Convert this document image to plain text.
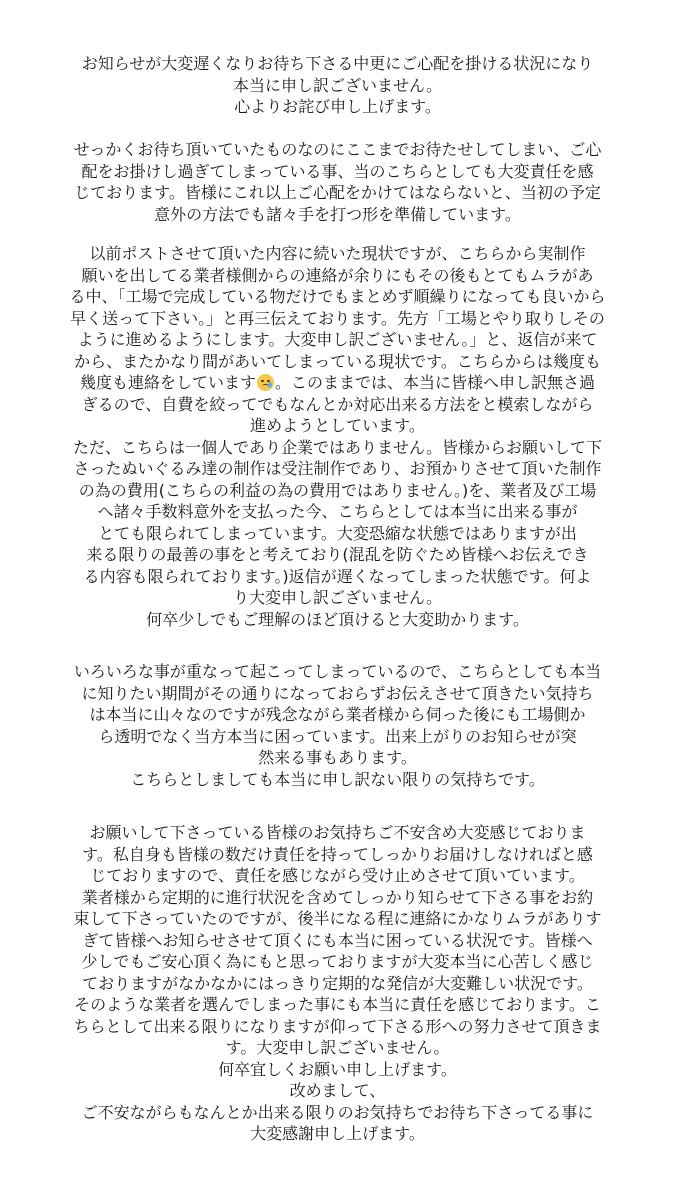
お知らせが大変遅くなりお待ち下さる中更にご心配を掛ける状況になり
本当に申し訳ございません。
心よりお詫び申し上げます。
せっかくお待ち頂いていたものなのにここまでお待たせしてしまい、ご心
配をお掛けし過ぎてしまっている事、当のこちらとしても大変責任を感
じております。皆様にこれ以上ご心配をかけてはならないと、当初の予定
意外の方法でも諸々手を打つ形を準備しています。
以前ポストさせて頂いた内容に続いた現状ですが、こちらから実制作
願いを出してる業者様側からの連絡が余りにもその後もとてもムラがあ
る中、「工場で完成している物だけでもまとめず順繰りになっても良いから
早く送って下さい。」と再三伝えております。先方「工場とやり取りしその
ように進めるようにします。大変申し訳ございません。」と、返信が来て
から、またかなり間があいてしまっている現状です。こちらからは幾度も
幾度も連絡をしています 。このままでは、本当に皆様へ申し訳無さ過
ぎるので、自費を絞ってでもなんとか対応出来る方法をと模索しながら
進めようとしています。
ただ、こちらは一個人であり企業ではありません。皆様からお願いして下
さったぬいぐるみ達の制作は受注制作であり、お預かりさせて頂いた制作
の為の費用(こちらの利益の為の費用ではありません。)を、業者及び工場
へ諸々手数料意外を支払った今、こちらとしては本当に出来る事が
とても限られてしまっています。大変恐縮な状態ではありますが出
来る限りの最善の事をと考えており(混乱を防ぐため皆様へお伝えでき
る内容も限られております。)返信が遅くなってしまった状態です。何よ
り大変申し訳ございません。
何卒少しでもご理解のほど頂けると大変助かります。
いろいろな事が重なって起こってしまっているので、こちらとしても本当
に知りたい期間がその通りになっておらずお伝えさせて頂きたい気持ち
は本当に山々なのですが残念ながら業者様から伺った後にも工場側か
ら透明でなく当方本当に困っています。出来上がりのお知らせが突
然来る事もあります。
こちらとしましても本当に申し訳ない限りの気持ちです。
お願いして下さっている皆様のお気持ちご不安含め大変感じておりま
す。私自身も皆様の数だけ責任を持ってしっかりお届けしなければと感
じておりますので、責任を感じながら受け止めさせて頂いています。
業者様から定期的に進行状況を含めてしっかり知らせて下さる事をお約
束して下さっていたのですが、後半になる程に連絡にかなりムラがありす
ぎて皆様へお知らせさせて頂くにも本当に困っている状況です。皆様へ
少しでもご安心頂く為にもと思っておりますが大変本当に心苦しく感じ
ておりますがなかなかにはっきり定期的な発信が大変難しい状況です。
そのような業者を選んでしまった事にも本当に責任を感じております。こ
ちらとして出来る限りになりますが仰って下さる形への努力させて頂きま
す。大変申し訳ございません。
何卒宜しくお願い申し上げます。
改めまして、
ご不安ながらもなんとか出来る限りのお気持ちでお待ち下さってる事に
大変感謝申し上げます。
